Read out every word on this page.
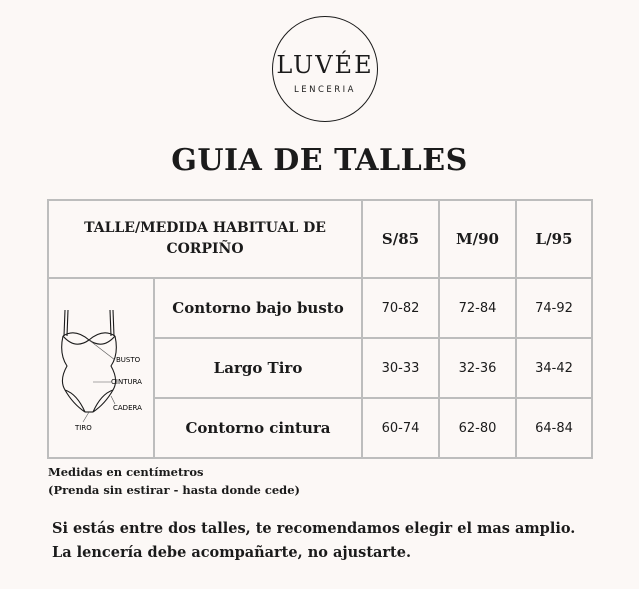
LUVÉE
LENCERIA
GUIA DE TALLES
TALLE/MEDIDA HABITUAL DE CORPIÑO		S/85	M/90	L/95

BUSTO
CINTURA
CADERA
TIRO	Contorno bajo busto	70-82	72-84	74-92
	Largo Tiro	30-33	32-36	34-42
	Contorno cintura	60-74	62-80	64-84
Medidas en centímetros
(Prenda sin estirar - hasta donde cede)
Si estás entre dos talles, te recomendamos elegir el mas amplio.
La lencería debe acompañarte, no ajustarte.
